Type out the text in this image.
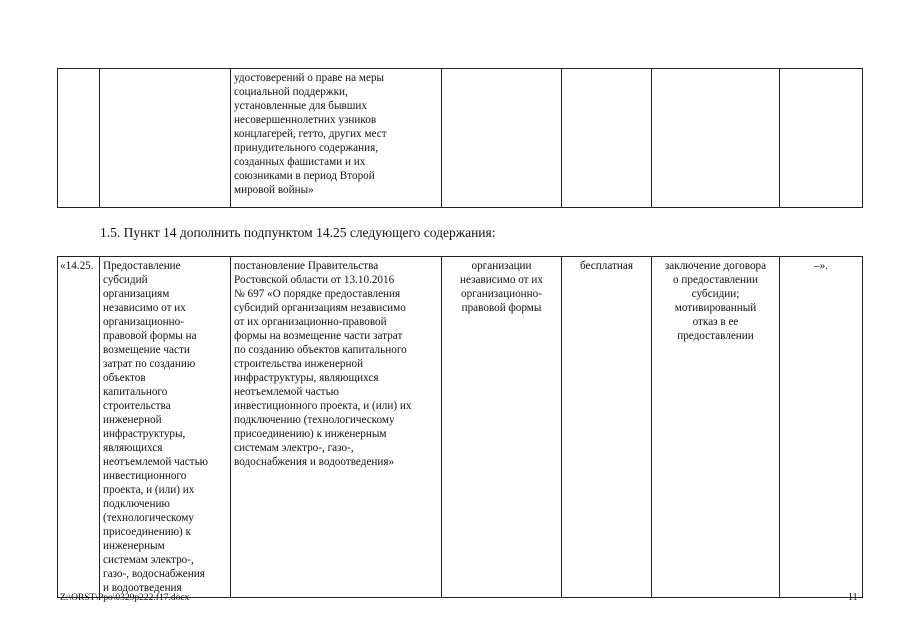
		удостоверений о праве на меры
социальной поддержки,
установленные для бывших
несовершеннолетних узников
концлагерей, гетто, других мест
принудительного содержания,
созданных фашистами и их
союзниками в период Второй
мировой войны»				
1.5. Пункт 14 дополнить подпунктом 14.25 следующего содержания:
«14.25.	Предоставление
субсидий
организациям
независимо от их
организационно-
правовой формы на
возмещение части
затрат по созданию
объектов
капитального
строительства
инженерной
инфраструктуры,
являющихся
неотъемлемой частью
инвестиционного
проекта, и (или) их
подключению
(технологическому
присоединению) к
инженерным
системам электро-,
газо-, водоснабжения
и водоотведения	постановление Правительства
Ростовской области от 13.10.2016
№ 697 «О порядке предоставления
субсидий организациям независимо
от их организационно-правовой
формы на возмещение части затрат
по созданию объектов капитального
строительства инженерной
инфраструктуры, являющихся
неотъемлемой частью
инвестиционного проекта, и (или) их
подключению (технологическому
присоединению) к инженерным
системам электро-, газо-,
водоснабжения и водоотведения»	организации
независимо от их
организационно-
правовой формы	бесплатная	заключение договора
о предоставлении
субсидии;
мотивированный
отказ в ее
предоставлении	–».
Z:\ORST\Ppo\0329p222.f17.docx	11
